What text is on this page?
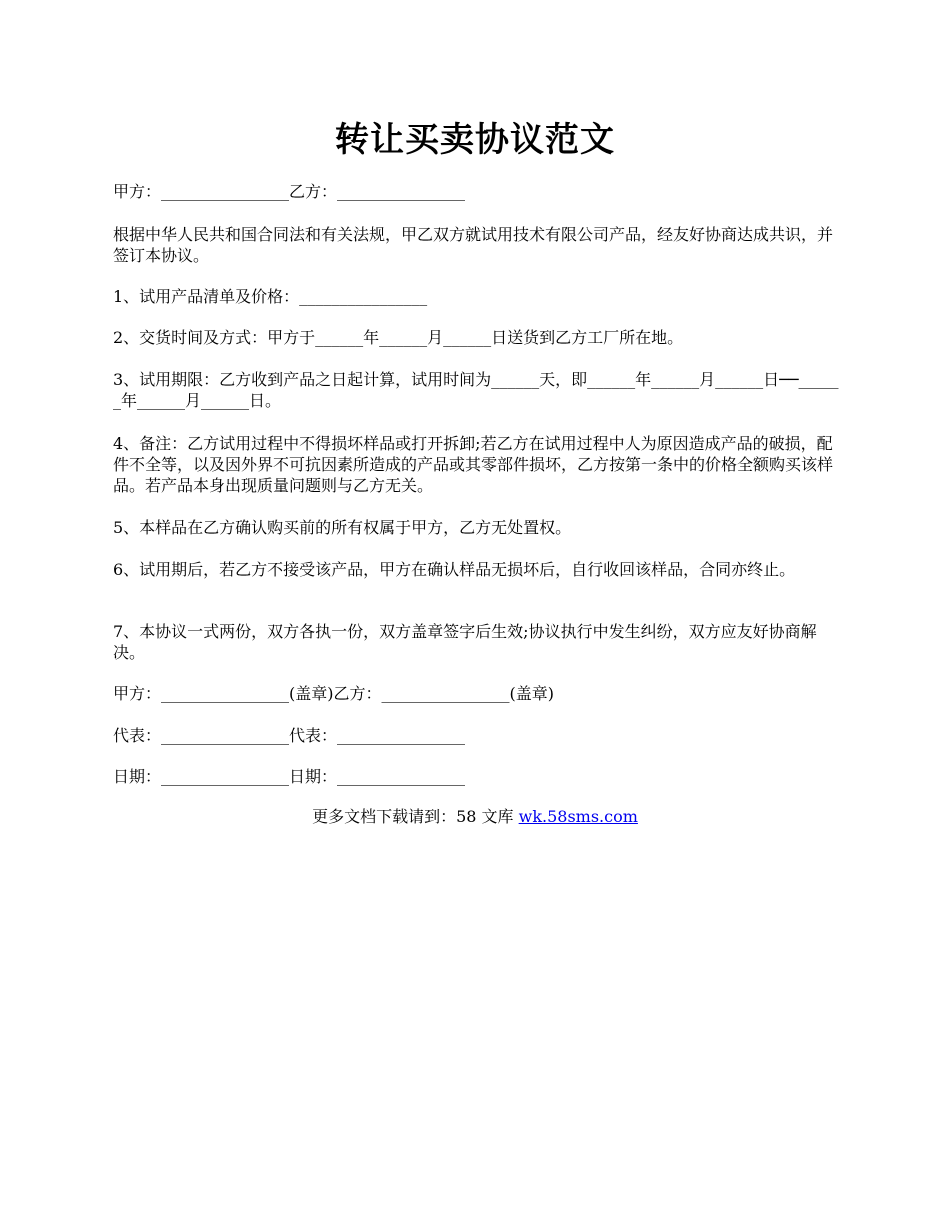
转让买卖协议范文

甲方：________________乙方：________________

根据中华人民共和国合同法和有关法规，甲乙双方就试用技术有限公司产品，经友好协商达成共识，并签订本协议。

1、试用产品清单及价格：________________

2、交货时间及方式：甲方于______年______月______日送货到乙方工厂所在地。

3、试用期限：乙方收到产品之日起计算，试用时间为______天，即______年______月______日──______年______月______日。

4、备注：乙方试用过程中不得损坏样品或打开拆卸;若乙方在试用过程中人为原因造成产品的破损，配件不全等，以及因外界不可抗因素所造成的产品或其零部件损坏，乙方按第一条中的价格全额购买该样品。若产品本身出现质量问题则与乙方无关。

5、本样品在乙方确认购买前的所有权属于甲方，乙方无处置权。

6、试用期后，若乙方不接受该产品，甲方在确认样品无损坏后，自行收回该样品，合同亦终止。

7、本协议一式两份，双方各执一份，双方盖章签字后生效;协议执行中发生纠纷，双方应友好协商解决。

甲方：________________(盖章)乙方：________________(盖章)

代表：________________代表：________________

日期：________________日期：________________

更多文档下载请到：58 文库 wk.58sms.com
